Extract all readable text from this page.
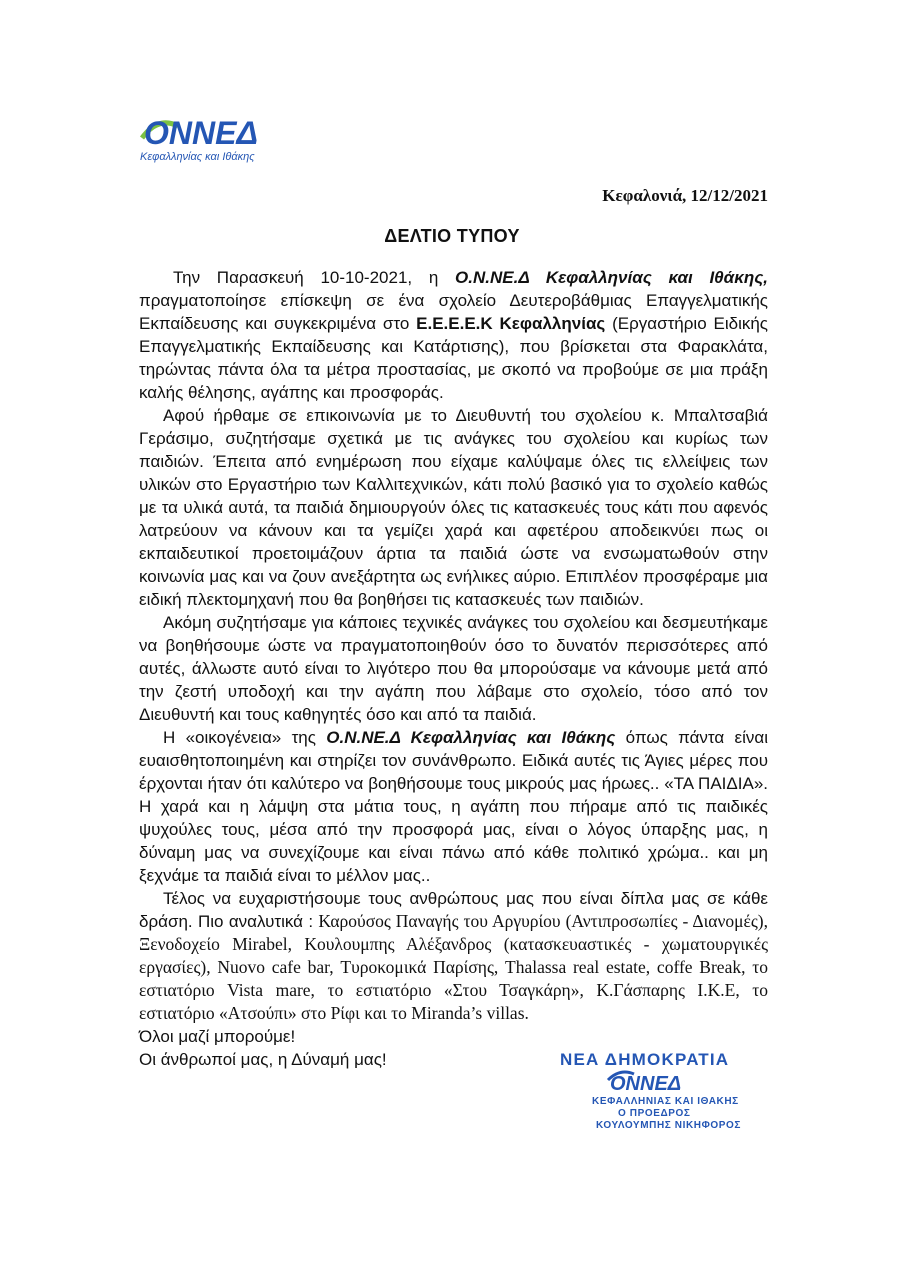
ΟΝΝΕΔ
Κεφαλληνίας και Ιθάκης
Κεφαλονιά, 12/12/2021
ΔΕΛΤΙΟ ΤΥΠΟΥ

Την Παρασκευή 10-10-2021, η Ο.Ν.ΝΕ.Δ Κεφαλληνίας και Ιθάκης, πραγματοποίησε επίσκεψη σε ένα σχολείο Δευτεροβάθμιας Επαγγελματικής Εκπαίδευσης και συγκεκριμένα στο Ε.Ε.Ε.Ε.Κ Κεφαλληνίας (Εργαστήριο Ειδικής Επαγγελματικής Εκπαίδευσης και Κατάρτισης), που βρίσκεται στα Φαρακλάτα, τηρώντας πάντα όλα τα μέτρα προστασίας, με σκοπό να προβούμε σε μια πράξη καλής θέλησης, αγάπης και προσφοράς.

Αφού ήρθαμε σε επικοινωνία με το Διευθυντή του σχολείου κ. Μπαλτσαβιά Γεράσιμο, συζητήσαμε σχετικά με τις ανάγκες του σχολείου και κυρίως των παιδιών. Έπειτα από ενημέρωση που είχαμε καλύψαμε όλες τις ελλείψεις των υλικών στο Εργαστήριο των Καλλιτεχνικών, κάτι πολύ βασικό για το σχολείο καθώς με τα υλικά αυτά, τα παιδιά δημιουργούν όλες τις κατασκευές τους κάτι που αφενός λατρεύουν να κάνουν και τα γεμίζει χαρά και αφετέρου αποδεικνύει πως οι εκπαιδευτικοί προετοιμάζουν άρτια τα παιδιά ώστε να ενσωματωθούν στην κοινωνία μας και να ζουν ανεξάρτητα ως ενήλικες αύριο. Επιπλέον προσφέραμε μια ειδική πλεκτομηχανή που θα βοηθήσει τις κατασκευές των παιδιών.

Ακόμη συζητήσαμε για κάποιες τεχνικές ανάγκες του σχολείου και δεσμευτήκαμε να βοηθήσουμε ώστε να πραγματοποιηθούν όσο το δυνατόν περισσότερες από αυτές, άλλωστε αυτό είναι το λιγότερο που θα μπορούσαμε να κάνουμε μετά από την ζεστή υποδοχή και την αγάπη που λάβαμε στο σχολείο, τόσο από τον Διευθυντή και τους καθηγητές όσο και από τα παιδιά.

Η «οικογένεια» της Ο.Ν.ΝΕ.Δ Κεφαλληνίας και Ιθάκης όπως πάντα είναι ευαισθητοποιημένη και στηρίζει τον συνάνθρωπο. Ειδικά αυτές τις Άγιες μέρες που έρχονται ήταν ότι καλύτερο να βοηθήσουμε τους μικρούς μας ήρωες.. «ΤΑ ΠΑΙΔΙΑ». Η χαρά και η λάμψη στα μάτια τους, η αγάπη που πήραμε από τις παιδικές ψυχούλες τους, μέσα από την προσφορά μας, είναι ο λόγος ύπαρξης μας, η δύναμη μας να συνεχίζουμε και είναι πάνω από κάθε πολιτικό χρώμα.. και μη ξεχνάμε τα παιδιά είναι το μέλλον μας..

Τέλος να ευχαριστήσουμε τους ανθρώπους μας που είναι δίπλα μας σε κάθε δράση. Πιο αναλυτικά : Καρούσος Παναγής του Αργυρίου (Αντιπροσωπίες - Διανομές), Ξενοδοχείο Mirabel, Κουλουμπης Αλέξανδρος (κατασκευαστικές - χωματουργικές εργασίες), Nuovo cafe bar, Τυροκομικά Παρίσης, Thalassa real estate, coffe Break, το εστιατόριο Vista mare, το εστιατόριο «Στου Τσαγκάρη», Κ.Γάσπαρης Ι.Κ.Ε, το εστιατόριο «Ατσούπι» στο Ρίφι και το Miranda’s villas.

Όλοι μαζί μπορούμε!
Οι άνθρωποί μας, η Δύναμή μας!	ΝΕΑ ΔΗΜΟΚΡΑΤΙΑ
ΟΝΝΕΔ
ΚΕΦΑΛΛΗΝΙΑΣ ΚΑΙ ΙΘΑΚΗΣ
Ο ΠΡΟΕΔΡΟΣ
ΚΟΥΛΟΥΜΠΗΣ ΝΙΚΗΦΟΡΟΣ
